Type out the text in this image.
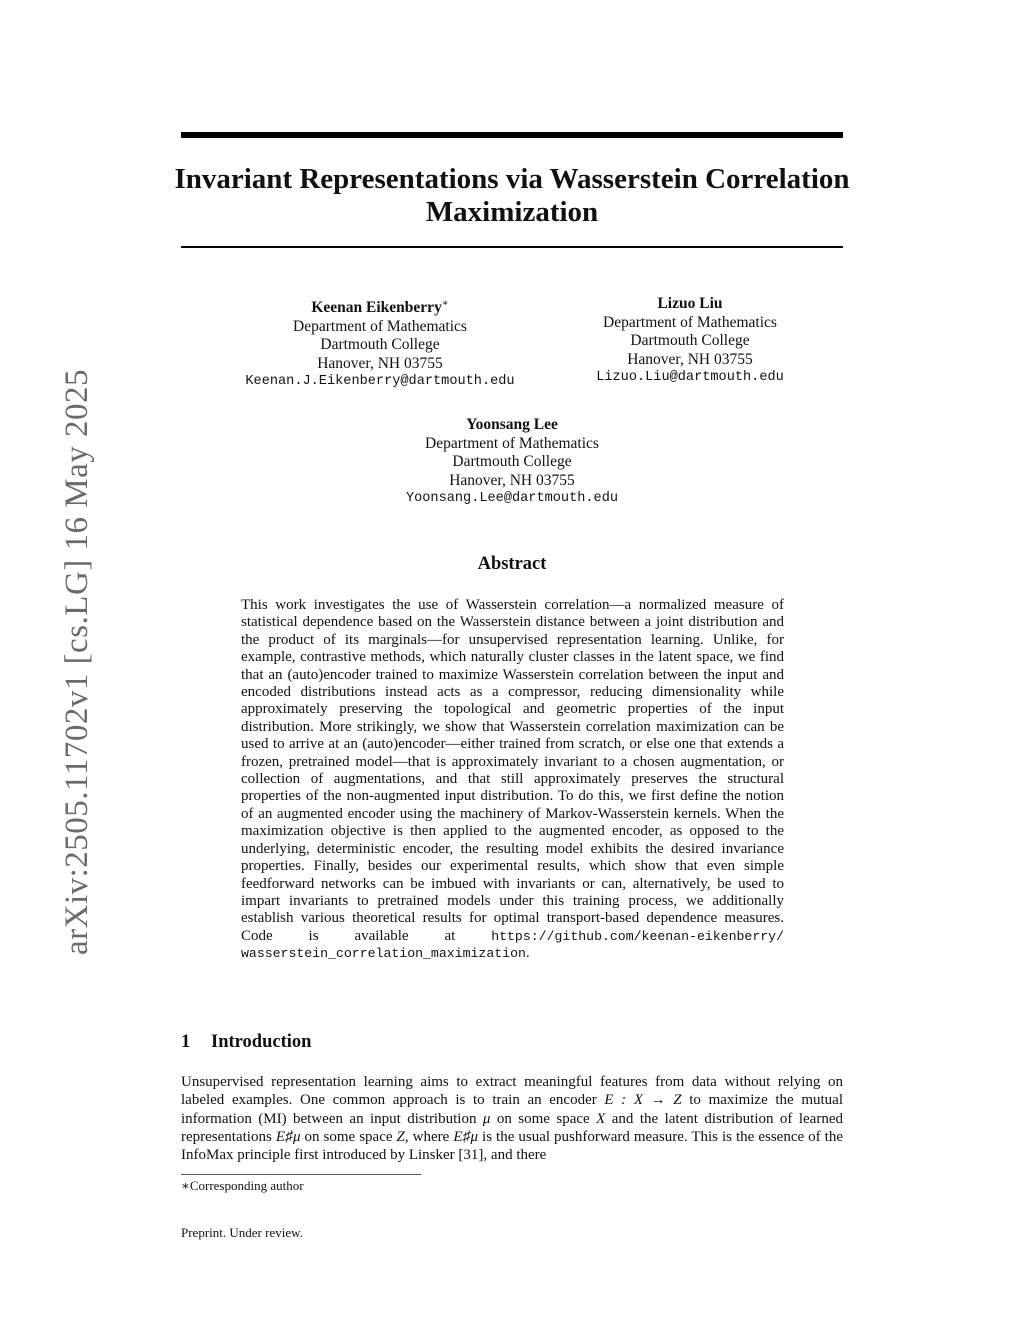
arXiv:2505.11702v1 [cs.LG] 16 May 2025
Invariant Representations via Wasserstein Correlation Maximization
Keenan Eikenberry∗
Department of Mathematics
Dartmouth College
Hanover, NH 03755
Keenan.J.Eikenberry@dartmouth.edu
Lizuo Liu
Department of Mathematics
Dartmouth College
Hanover, NH 03755
Lizuo.Liu@dartmouth.edu
Yoonsang Lee
Department of Mathematics
Dartmouth College
Hanover, NH 03755
Yoonsang.Lee@dartmouth.edu
Abstract
This work investigates the use of Wasserstein correlation—a normalized measure of statistical dependence based on the Wasserstein distance between a joint distribution and the product of its marginals—for unsupervised representation learning. Unlike, for example, contrastive methods, which naturally cluster classes in the latent space, we find that an (auto)encoder trained to maximize Wasserstein correlation between the input and encoded distributions instead acts as a compressor, reducing dimensionality while approximately preserving the topological and geometric properties of the input distribution. More strikingly, we show that Wasserstein correlation maximization can be used to arrive at an (auto)encoder—either trained from scratch, or else one that extends a frozen, pretrained model—that is approximately invariant to a chosen augmentation, or collection of augmentations, and that still approximately preserves the structural properties of the non-augmented input distribution. To do this, we first define the notion of an augmented encoder using the machinery of Markov-Wasserstein kernels. When the maximization objective is then applied to the augmented encoder, as opposed to the underlying, deterministic encoder, the resulting model exhibits the desired invariance properties. Finally, besides our experimental results, which show that even simple feedforward networks can be imbued with invariants or can, alternatively, be used to impart invariants to pretrained models under this training process, we additionally establish various theoretical results for optimal transport-based dependence measures. Code is available at https://github.com/keenan-eikenberry/ wasserstein_correlation_maximization.
1 Introduction
Unsupervised representation learning aims to extract meaningful features from data without relying on labeled examples. One common approach is to train an encoder E : X → Z to maximize the mutual information (MI) between an input distribution μ on some space X and the latent distribution of learned representations E♯μ on some space Z, where E♯μ is the usual pushforward measure. This is the essence of the InfoMax principle first introduced by Linsker [31], and there
∗Corresponding author
Preprint. Under review.
